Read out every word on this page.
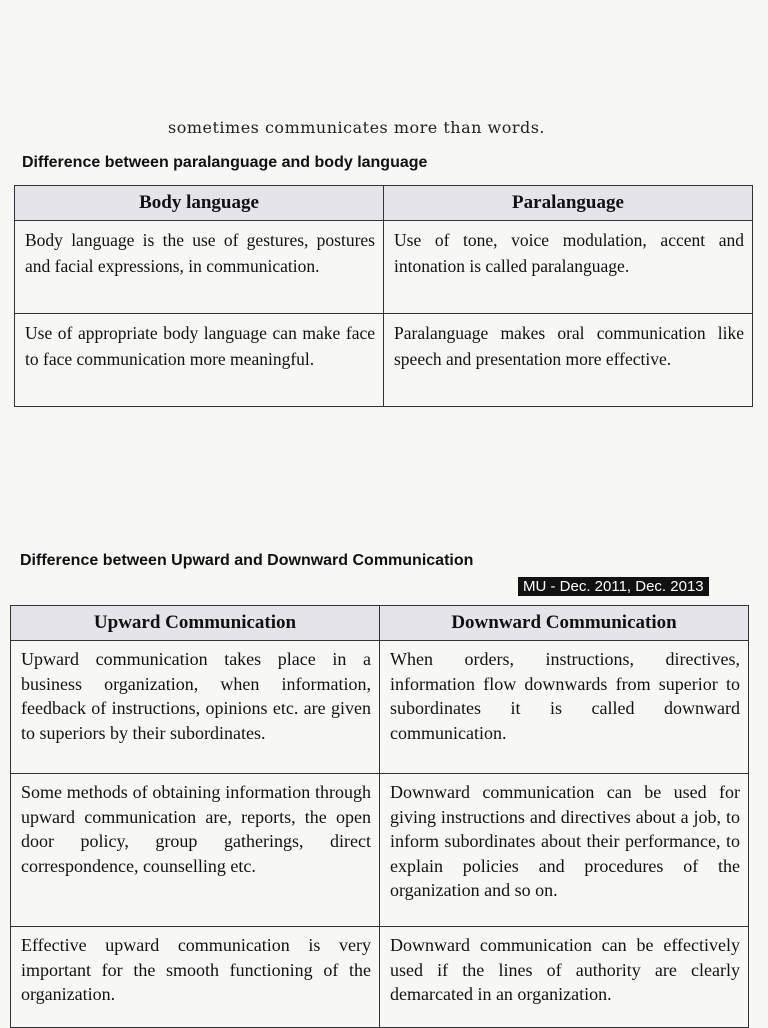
sometimes communicates more than words.
Difference between paralanguage and body language
Body language	Paralanguage
Body language is the use of gestures, postures and facial expressions, in communication.	Use of tone, voice modulation, accent and intonation is called paralanguage.
Use of appropriate body language can make face to face communication more meaningful.	Paralanguage makes oral communication like speech and presentation more effective.
Difference between Upward and Downward Communication
MU - Dec. 2011, Dec. 2013
Upward Communication	Downward Communication
Upward communication takes place in a business organization, when information, feedback of instructions, opinions etc. are given to superiors by their subordinates.	When orders, instructions, directives, information flow downwards from superior to subordinates it is called downward communication.
Some methods of obtaining information through upward communication are, reports, the open door policy, group gatherings, direct correspondence, counselling etc.	Downward communication can be used for giving instructions and directives about a job, to inform subordinates about their performance, to explain policies and procedures of the organization and so on.
Effective upward communication is very important for the smooth functioning of the organization.	Downward communication can be effectively used if the lines of authority are clearly demarcated in an organization.
